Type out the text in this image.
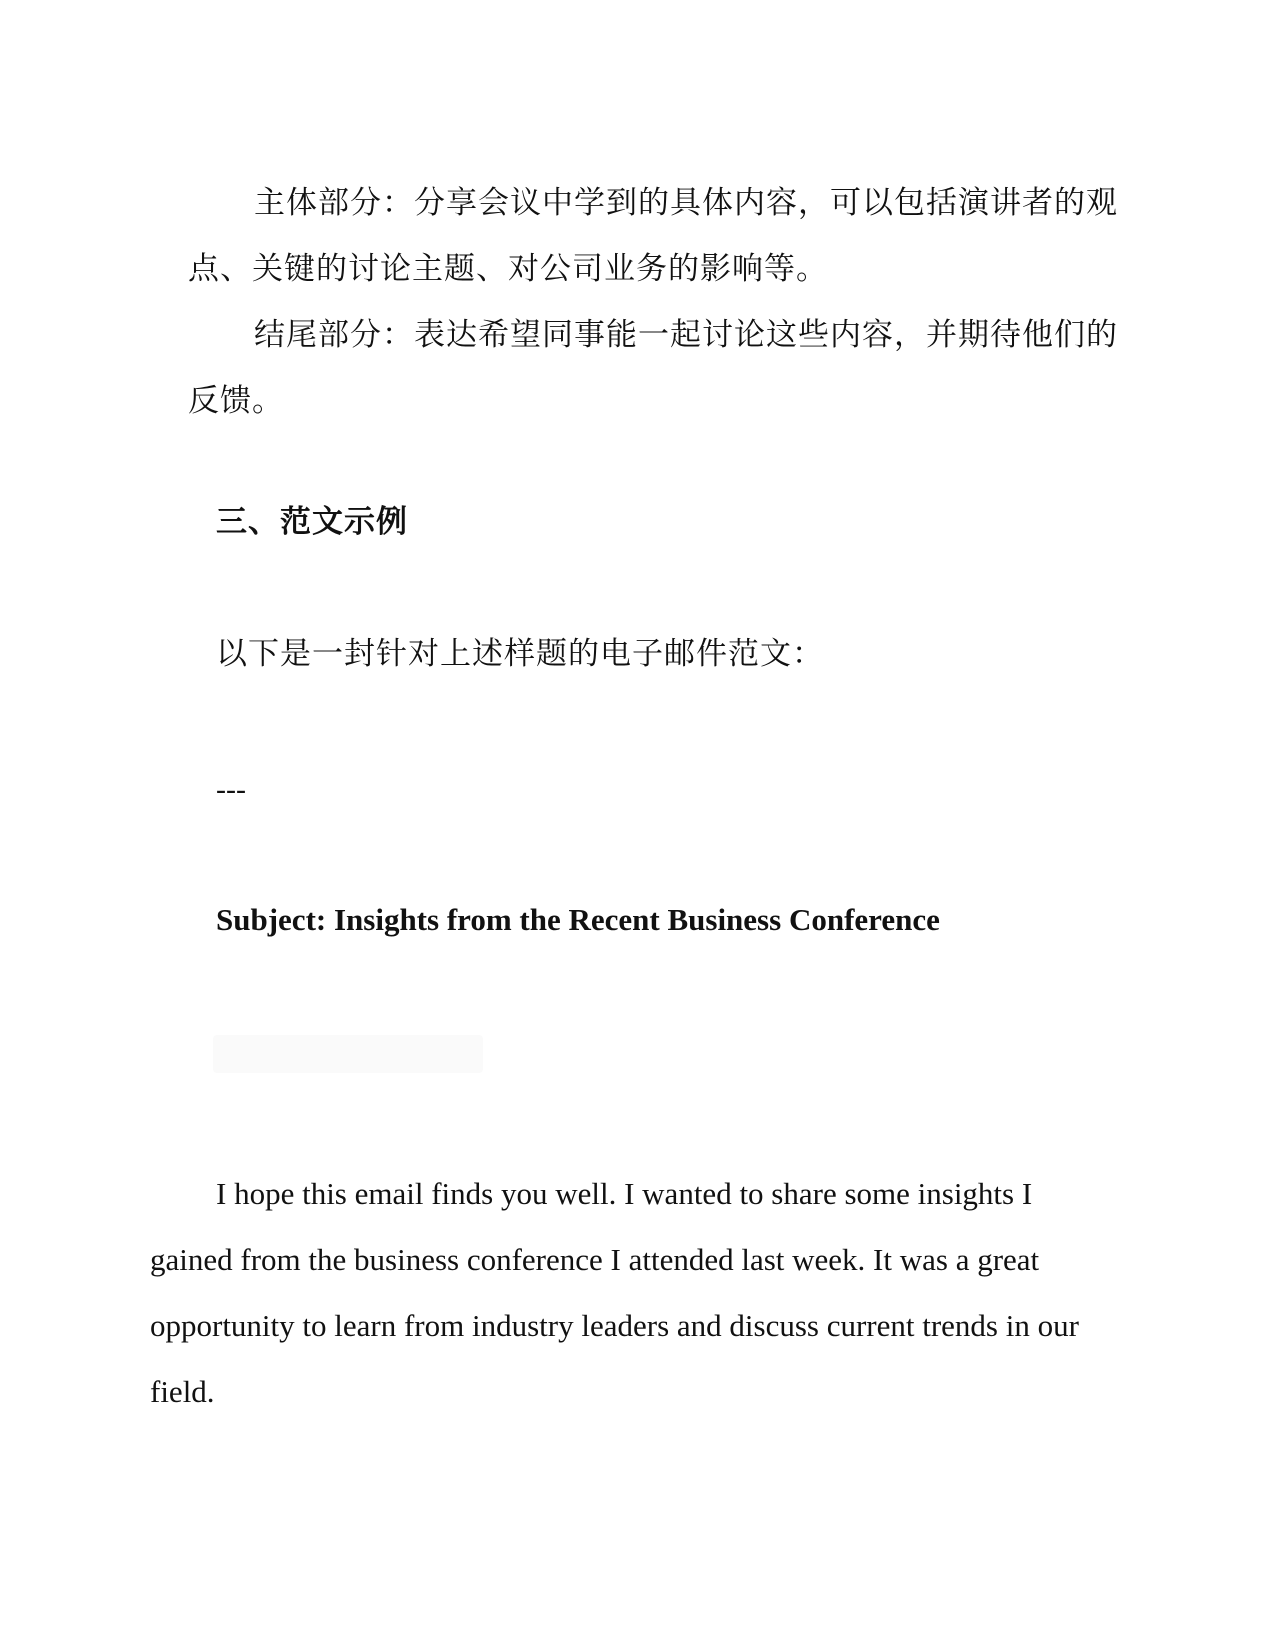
主体部分：分享会议中学到的具体内容，可以包括演讲者的观点、关键的讨论主题、对公司业务的影响等。

结尾部分：表达希望同事能一起讨论这些内容，并期待他们的反馈。

三、范文示例

以下是一封针对上述样题的电子邮件范文：

---

Subject: Insights from the Recent Business Conference

I hope this email finds you well. I wanted to share some insights I gained from the business conference I attended last week. It was a great opportunity to learn from industry leaders and discuss current trends in our field.
